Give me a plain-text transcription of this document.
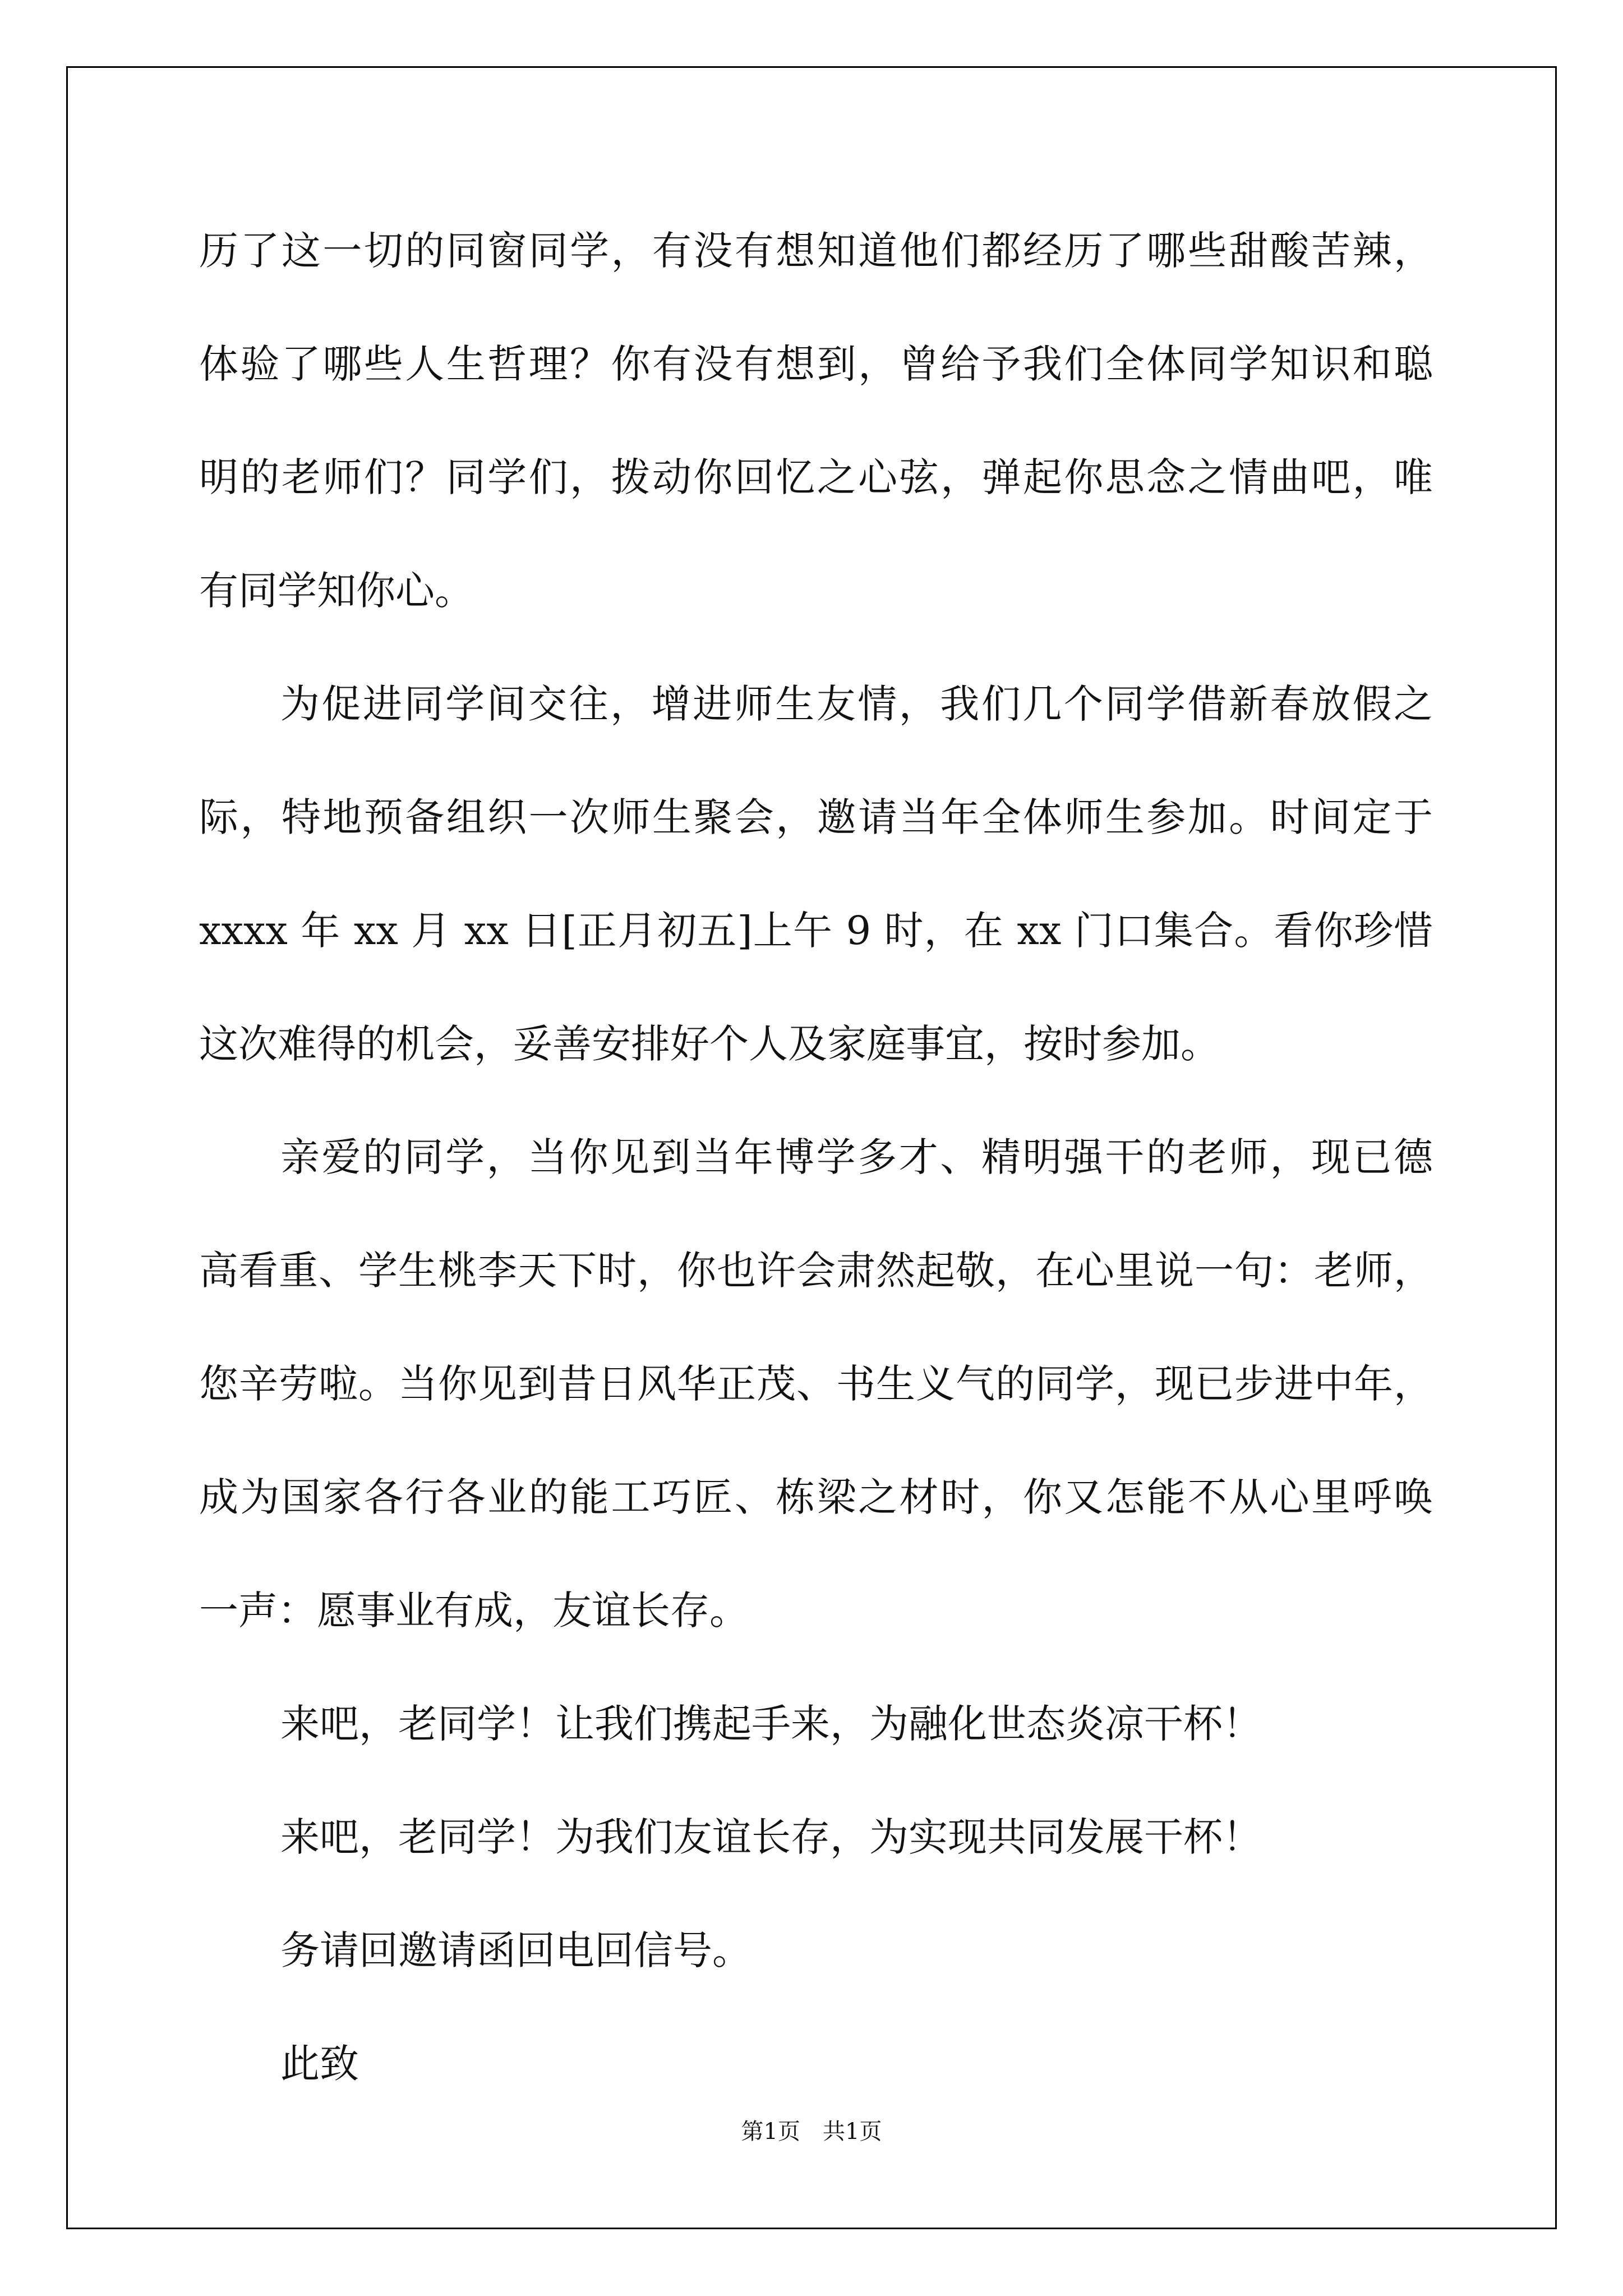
历了这一切的同窗同学，有没有想知道他们都经历了哪些甜酸苦辣，
体验了哪些人生哲理？你有没有想到，曾给予我们全体同学知识和聪
明的老师们？同学们，拨动你回忆之心弦，弹起你思念之情曲吧，唯
有同学知你心。
为促进同学间交往，增进师生友情，我们几个同学借新春放假之
际，特地预备组织一次师生聚会，邀请当年全体师生参加。时间定于
xxxx 年 xx 月 xx 日[正月初五]上午 9 时，在 xx 门口集合。看你珍惜
这次难得的机会，妥善安排好个人及家庭事宜，按时参加。
亲爱的同学，当你见到当年博学多才、精明强干的老师，现已德
高看重、学生桃李天下时，你也许会肃然起敬，在心里说一句：老师，
您辛劳啦。当你见到昔日风华正茂、书生义气的同学，现已步进中年，
成为国家各行各业的能工巧匠、栋梁之材时，你又怎能不从心里呼唤
一声：愿事业有成，友谊长存。
来吧，老同学！让我们携起手来，为融化世态炎凉干杯！
来吧，老同学！为我们友谊长存，为实现共同发展干杯！
务请回邀请函回电回信号。
此致
第1页 共1页
